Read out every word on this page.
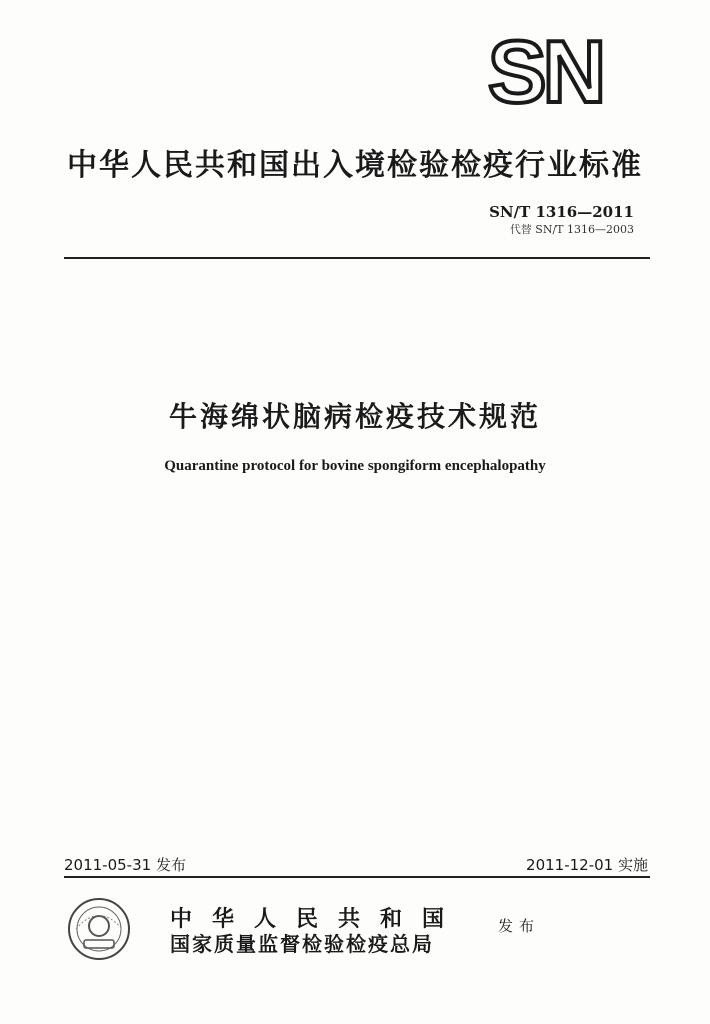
SN
中华人民共和国出入境检验检疫行业标准
SN/T 1316—2011
代替 SN/T 1316—2003
牛海绵状脑病检疫技术规范
Quarantine protocol for bovine spongiform encephalopathy
2011-05-31 发布	2011-12-01 实施
中华人民共和国
国家质量监督检验检疫总局
发布
